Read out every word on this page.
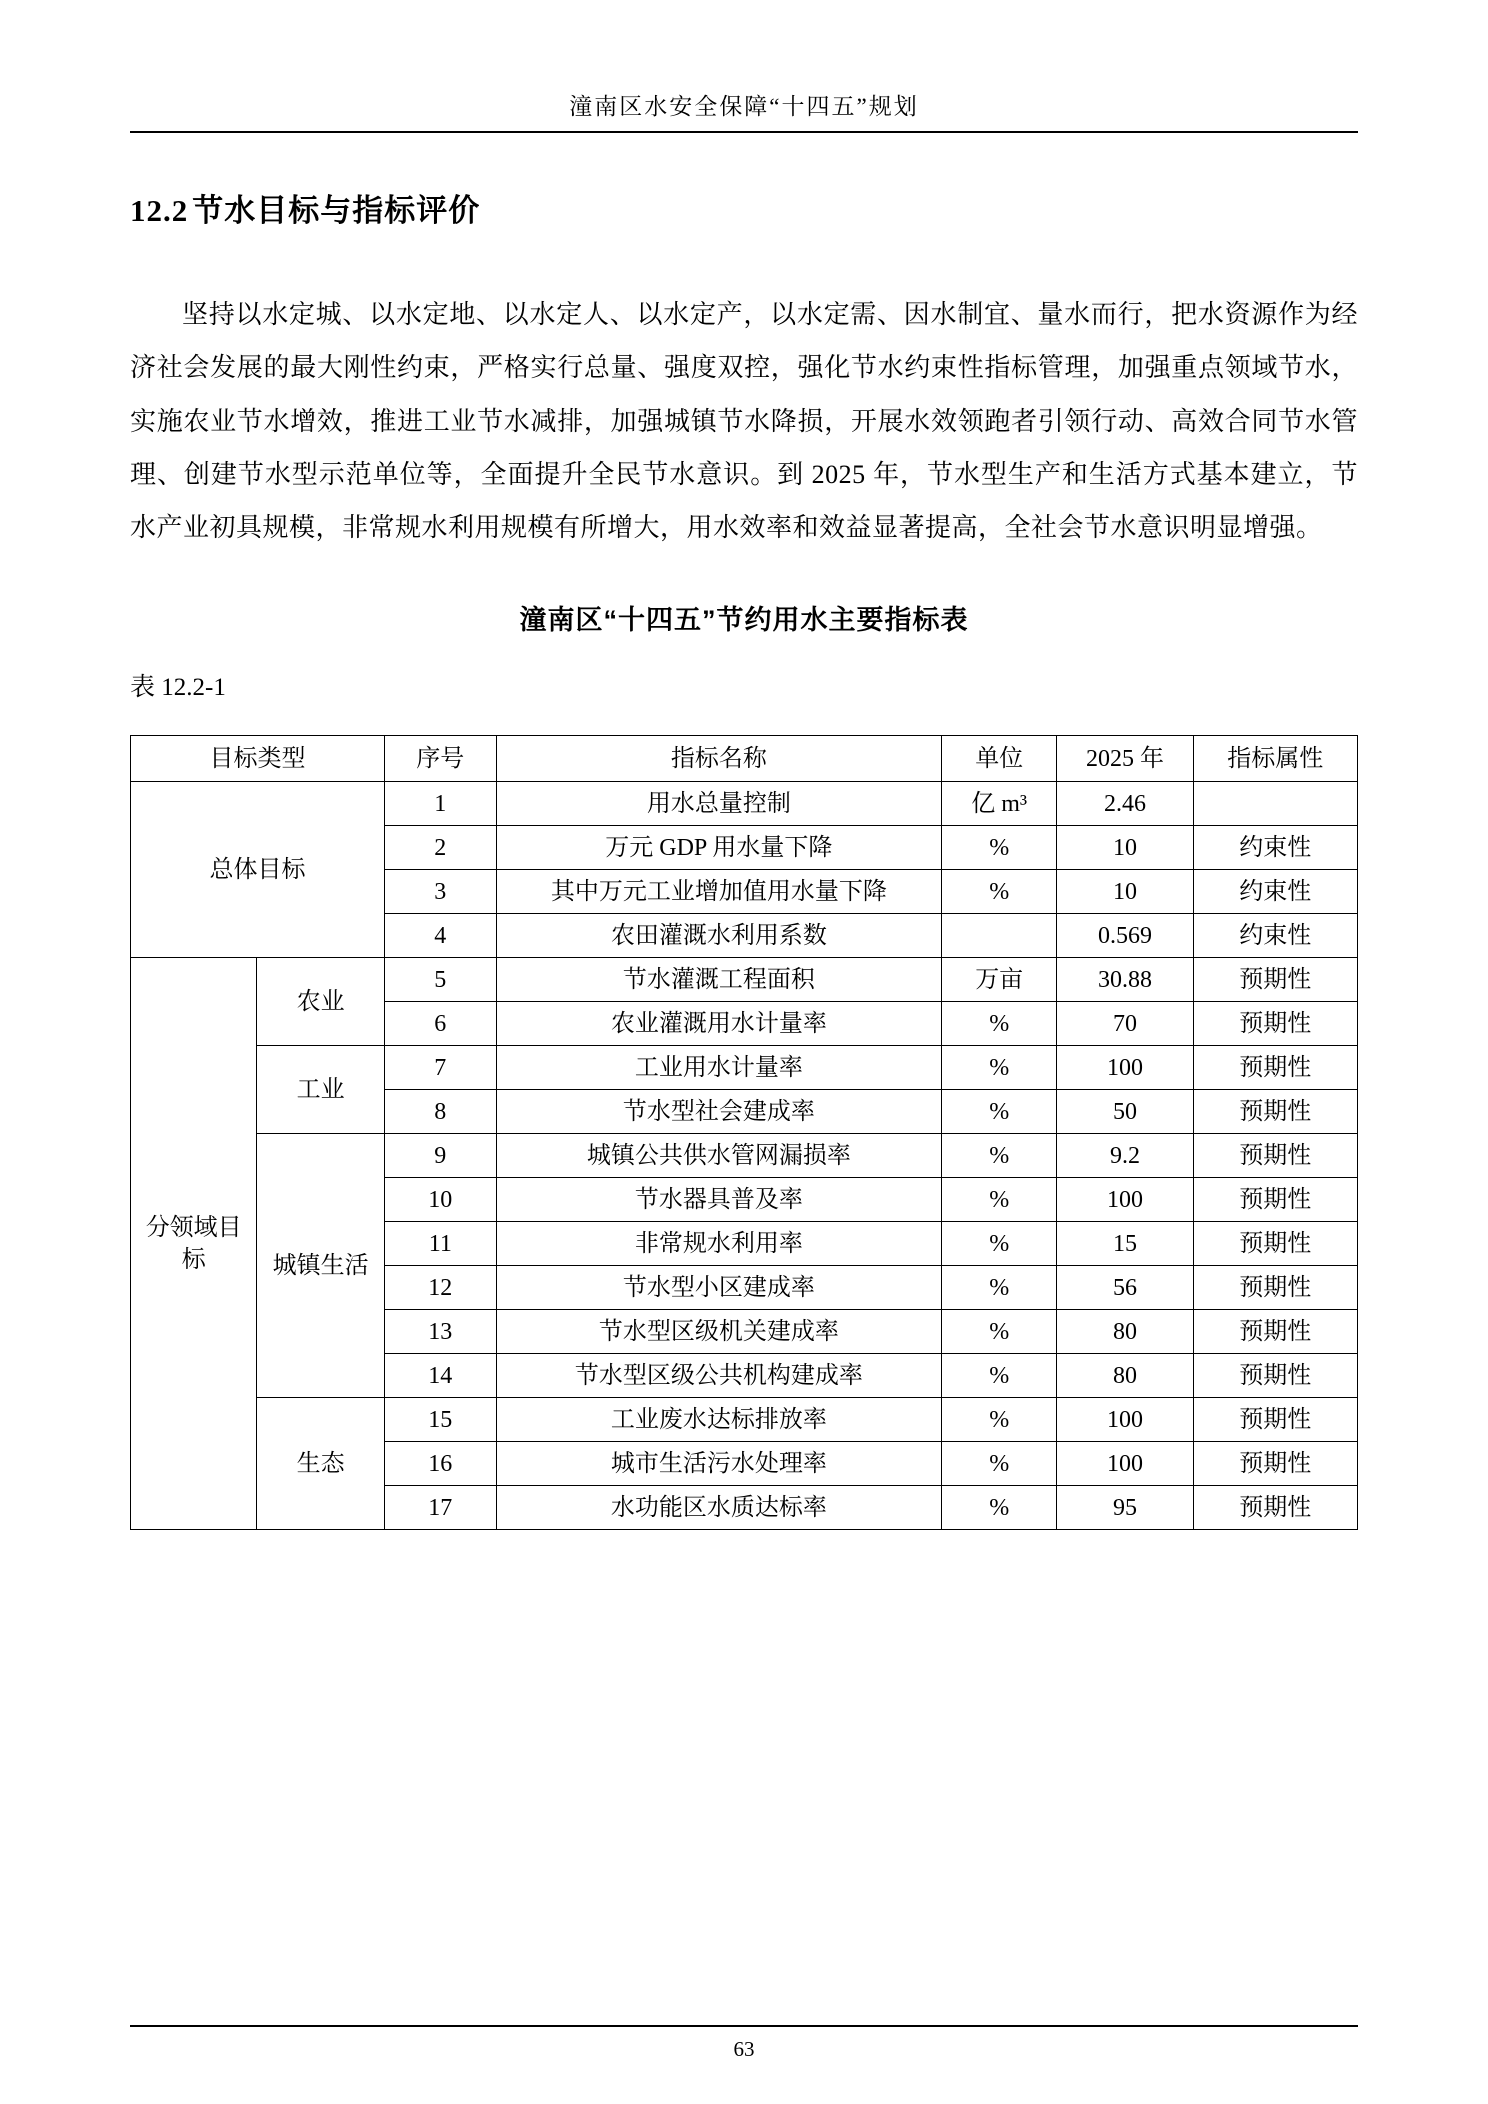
潼南区水安全保障“十四五”规划
12.2 节水目标与指标评价
坚持以水定城、以水定地、以水定人、以水定产，以水定需、因水制宜、量水而行，把水资源作为经济社会发展的最大刚性约束，严格实行总量、强度双控，强化节水约束性指标管理，加强重点领域节水，实施农业节水增效，推进工业节水减排，加强城镇节水降损，开展水效领跑者引领行动、高效合同节水管理、创建节水型示范单位等，全面提升全民节水意识。到 2025 年，节水型生产和生活方式基本建立，节水产业初具规模，非常规水利用规模有所增大，用水效率和效益显著提高，全社会节水意识明显增强。
潼南区“十四五”节约用水主要指标表
表 12.2-1
目标类型		序号	指标名称	单位	2025 年	指标属性
总体目标		1	用水总量控制	亿 m³	2.46	
		2	万元 GDP 用水量下降	%	10	约束性
		3	其中万元工业增加值用水量下降	%	10	约束性
		4	农田灌溉水利用系数		0.569	约束性
分领域目标	农业	5	节水灌溉工程面积	万亩	30.88	预期性
		6	农业灌溉用水计量率	%	70	预期性
	工业	7	工业用水计量率	%	100	预期性
		8	节水型社会建成率	%	50	预期性
	城镇生活	9	城镇公共供水管网漏损率	%	9.2	预期性
		10	节水器具普及率	%	100	预期性
		11	非常规水利用率	%	15	预期性
		12	节水型小区建成率	%	56	预期性
		13	节水型区级机关建成率	%	80	预期性
		14	节水型区级公共机构建成率	%	80	预期性
	生态	15	工业废水达标排放率	%	100	预期性
		16	城市生活污水处理率	%	100	预期性
		17	水功能区水质达标率	%	95	预期性
63
